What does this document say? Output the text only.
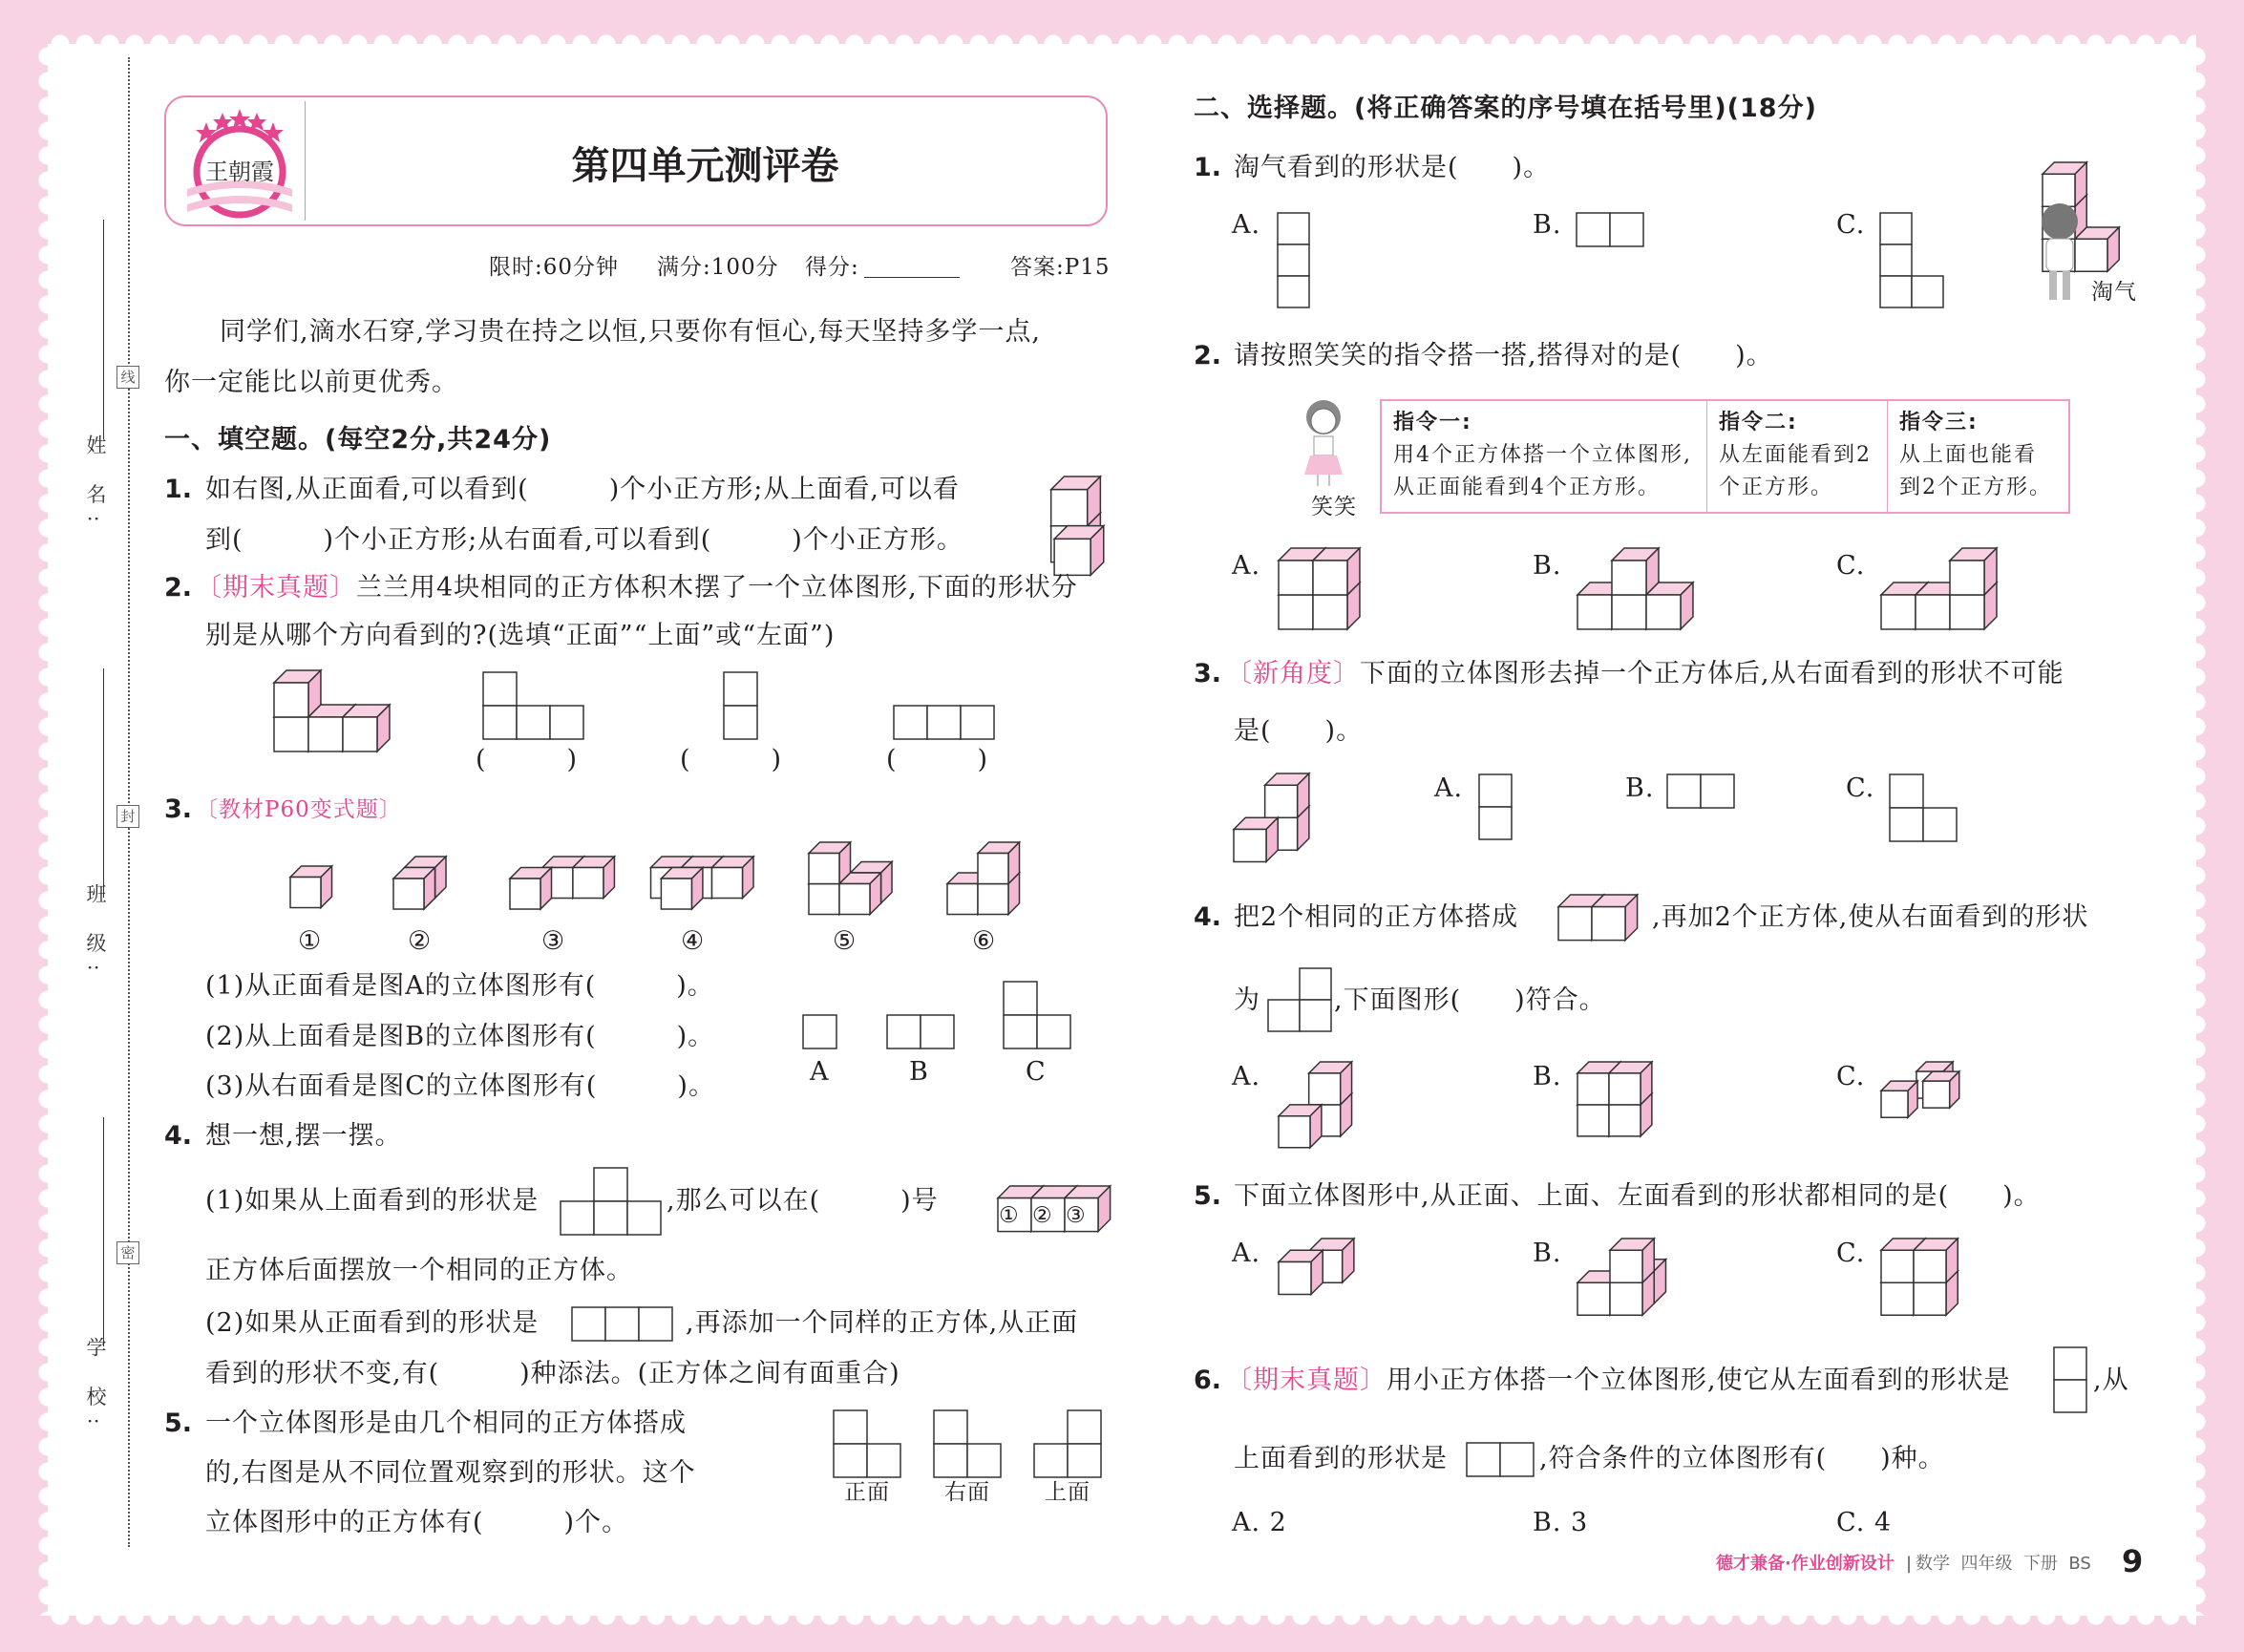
线
封
密
姓 名:
班 级:
学 校:
王朝霞	第四单元测评卷
限时:60分钟 满分:100分 得分:	答案:P15
同学们,滴水石穿,学习贵在持之以恒,只要你有恒心,每天坚持多学一点,
你一定能比以前更优秀。
一、填空题。(每空2分,共24分)
1. 如右图,从正面看,可以看到(　　　)个小正方形;从上面看,可以看
到(　　　)个小正方形;从右面看,可以看到(　　　)个小正方形。
2. 〔期末真题〕兰兰用4块相同的正方体积木摆了一个立体图形,下面的形状分
别是从哪个方向看到的?(选填“正面”“上面”或“左面”)
(　　　)	(　　　)	(　　　)
3. 〔教材P60变式题〕
①	②	③	④	⑤	⑥
(1)从正面看是图A的立体图形有(　　　)。
(2)从上面看是图B的立体图形有(　　　)。
(3)从右面看是图C的立体图形有(　　　)。	A	B	C
4. 想一想,摆一摆。
(1)如果从上面看到的形状是	,那么可以在(　　　)号	① ② ③
正方体后面摆放一个相同的正方体。
(2)如果从正面看到的形状是	,再添加一个同样的正方体,从正面
看到的形状不变,有(　　　)种添法。(正方体之间有面重合)
5. 一个立体图形是由几个相同的正方体搭成
的,右图是从不同位置观察到的形状。这个
立体图形中的正方体有(　　　)个。
正面 右面 上面
二、选择题。(将正确答案的序号填在括号里)(18分)
1. 淘气看到的形状是(　　)。
A.	B.	C.
淘气
2. 请按照笑笑的指令搭一搭,搭得对的是(　　)。
笑笑
指令一:
用4个正方体搭一个立体图形,从正面能看到4个正方形。
指令二:
从左面能看到2个正方形。
指令三:
从上面也能看到2个正方形。
A.	B.	C.
3. 〔新角度〕下面的立体图形去掉一个正方体后,从右面看到的形状不可能
是(　　)。
A.	B.	C.
4. 把2个相同的正方体搭成	,再加2个正方体,使从右面看到的形状
为	,下面图形(　　)符合。
A.	B.	C.
5. 下面立体图形中,从正面、上面、左面看到的形状都相同的是(　　)。
A.	B.	C.
6. 〔期末真题〕用小正方体搭一个立体图形,使它从左面看到的形状是	,从
上面看到的形状是	,符合条件的立体图形有(　　)种。
A. 2	B. 3	C. 4
德才兼备·作业创新设计 | 数学  四年级  下册  BS 9
